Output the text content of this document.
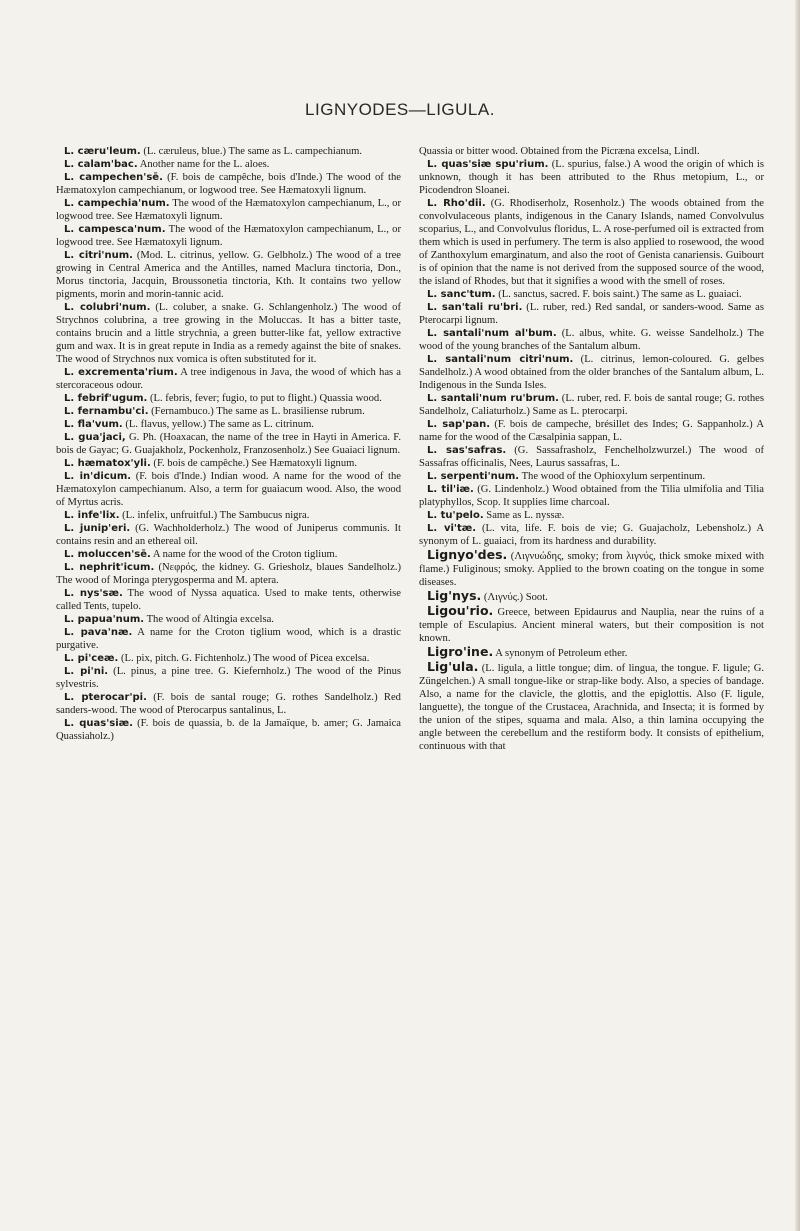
LIGNYODES—LIGULA.

L. cæru'leum. (L. cæruleus, blue.) The same as L. campechianum.

L. calam'bac. Another name for the L. aloes.

L. campechen'sē. (F. bois de campêche, bois d'Inde.) The wood of the Hæmatoxylon campechianum, or logwood tree. See Hæmatoxyli lignum.

L. campechia'num. The wood of the Hæmatoxylon campechianum, L., or logwood tree. See Hæmatoxyli lignum.

L. campesca'num. The wood of the Hæmatoxylon campechianum, L., or logwood tree. See Hæmatoxyli lignum.

L. citri'num. (Mod. L. citrinus, yellow. G. Gelbholz.) The wood of a tree growing in Central America and the Antilles, named Maclura tinctoria, Don., Morus tinctoria, Jacquin, Broussonetia tinctoria, Kth. It contains two yellow pigments, morin and morin-tannic acid.

L. colubri'num. (L. coluber, a snake. G. Schlangenholz.) The wood of Strychnos colubrina, a tree growing in the Moluccas. It has a bitter taste, contains brucin and a little strychnia, a green butter-like fat, yellow extractive gum and wax. It is in great repute in India as a remedy against the bite of snakes. The wood of Strychnos nux vomica is often substituted for it.

L. excrementa'rium. A tree indigenous in Java, the wood of which has a stercoraceous odour.

L. febrif'ugum. (L. febris, fever; fugio, to put to flight.) Quassia wood.

L. fernambu'ci. (Fernambuco.) The same as L. brasiliense rubrum.

L. fla'vum. (L. flavus, yellow.) The same as L. citrinum.

L. gua'jaci, G. Ph. (Hoaxacan, the name of the tree in Hayti in America. F. bois de Gayac; G. Guajakholz, Pockenholz, Franzosenholz.) See Guaiaci lignum.

L. hæmatox'yli. (F. bois de campêche.) See Hæmatoxyli lignum.

L. in'dicum. (F. bois d'Inde.) Indian wood. A name for the wood of the Hæmatoxylon campechianum. Also, a term for guaiacum wood. Also, the wood of Myrtus acris.

L. infe'lix. (L. infelix, unfruitful.) The Sambucus nigra.

L. junip'eri. (G. Wachholderholz.) The wood of Juniperus communis. It contains resin and an ethereal oil.

L. moluccen'sē. A name for the wood of the Croton tiglium.

L. nephrit'icum. (Νεφρός, the kidney. G. Griesholz, blaues Sandelholz.) The wood of Moringa pterygosperma and M. aptera.

L. nys'sæ. The wood of Nyssa aquatica. Used to make tents, otherwise called Tents, tupelo.

L. papua'num. The wood of Altingia excelsa.

L. pava'næ. A name for the Croton tiglium wood, which is a drastic purgative.

L. pi'ceæ. (L. pix, pitch. G. Fichtenholz.) The wood of Picea excelsa.

L. pi'ni. (L. pinus, a pine tree. G. Kiefernholz.) The wood of the Pinus sylvestris.

L. pterocar'pi. (F. bois de santal rouge; G. rothes Sandelholz.) Red sanders-wood. The wood of Pterocarpus santalinus, L.

L. quas'siæ. (F. bois de quassia, b. de la Jamaïque, b. amer; G. Jamaica Quassiaholz.)

Quassia or bitter wood. Obtained from the Picræna excelsa, Lindl.

L. quas'siæ spu'rium. (L. spurius, false.) A wood the origin of which is unknown, though it has been attributed to the Rhus metopium, L., or Picodendron Sloanei.

L. Rho'dii. (G. Rhodiserholz, Rosenholz.) The woods obtained from the convolvulaceous plants, indigenous in the Canary Islands, named Convolvulus scoparius, L., and Convolvulus floridus, L. A rose-perfumed oil is extracted from them which is used in perfumery. The term is also applied to rosewood, the wood of Zanthoxylum emarginatum, and also the root of Genista canariensis. Guibourt is of opinion that the name is not derived from the supposed source of the wood, the island of Rhodes, but that it signifies a wood with the smell of roses.

L. sanc'tum. (L. sanctus, sacred. F. bois saint.) The same as L. guaiaci.

L. san'tali ru'bri. (L. ruber, red.) Red sandal, or sanders-wood. Same as Pterocarpi lignum.

L. santali'num al'bum. (L. albus, white. G. weisse Sandelholz.) The wood of the young branches of the Santalum album.

L. santali'num citri'num. (L. citrinus, lemon-coloured. G. gelbes Sandelholz.) A wood obtained from the older branches of the Santalum album, L. Indigenous in the Sunda Isles.

L. santali'num ru'brum. (L. ruber, red. F. bois de santal rouge; G. rothes Sandelholz, Caliaturholz.) Same as L. pterocarpi.

L. sap'pan. (F. bois de campeche, brésillet des Indes; G. Sappanholz.) A name for the wood of the Cæsalpinia sappan, L.

L. sas'safras. (G. Sassafrasholz, Fenchelholzwurzel.) The wood of Sassafras officinalis, Nees, Laurus sassafras, L.

L. serpenti'num. The wood of the Ophioxylum serpentinum.

L. til'iæ. (G. Lindenholz.) Wood obtained from the Tilia ulmifolia and Tilia platyphyllos, Scop. It supplies lime charcoal.

L. tu'pelo. Same as L. nyssæ.

L. vi'tæ. (L. vita, life. F. bois de vie; G. Guajacholz, Lebensholz.) A synonym of L. guaiaci, from its hardness and durability.

Lignyo'des. (Λιγνυώδης, smoky; from λιγνύς, thick smoke mixed with flame.) Fuliginous; smoky. Applied to the brown coating on the tongue in some diseases.

Lig'nys. (Λιγνύς.) Soot.

Ligou'rio. Greece, between Epidaurus and Nauplia, near the ruins of a temple of Esculapius. Ancient mineral waters, but their composition is not known.

Ligro'ine. A synonym of Petroleum ether.

Lig'ula. (L. ligula, a little tongue; dim. of lingua, the tongue. F. ligule; G. Züngelchen.) A small tongue-like or strap-like body. Also, a species of bandage. Also, a name for the clavicle, the glottis, and the epiglottis. Also (F. ligule, languette), the tongue of the Crustacea, Arachnida, and Insecta; it is formed by the union of the stipes, squama and mala. Also, a thin lamina occupying the angle between the cerebellum and the restiform body. It consists of epithelium, continuous with that
